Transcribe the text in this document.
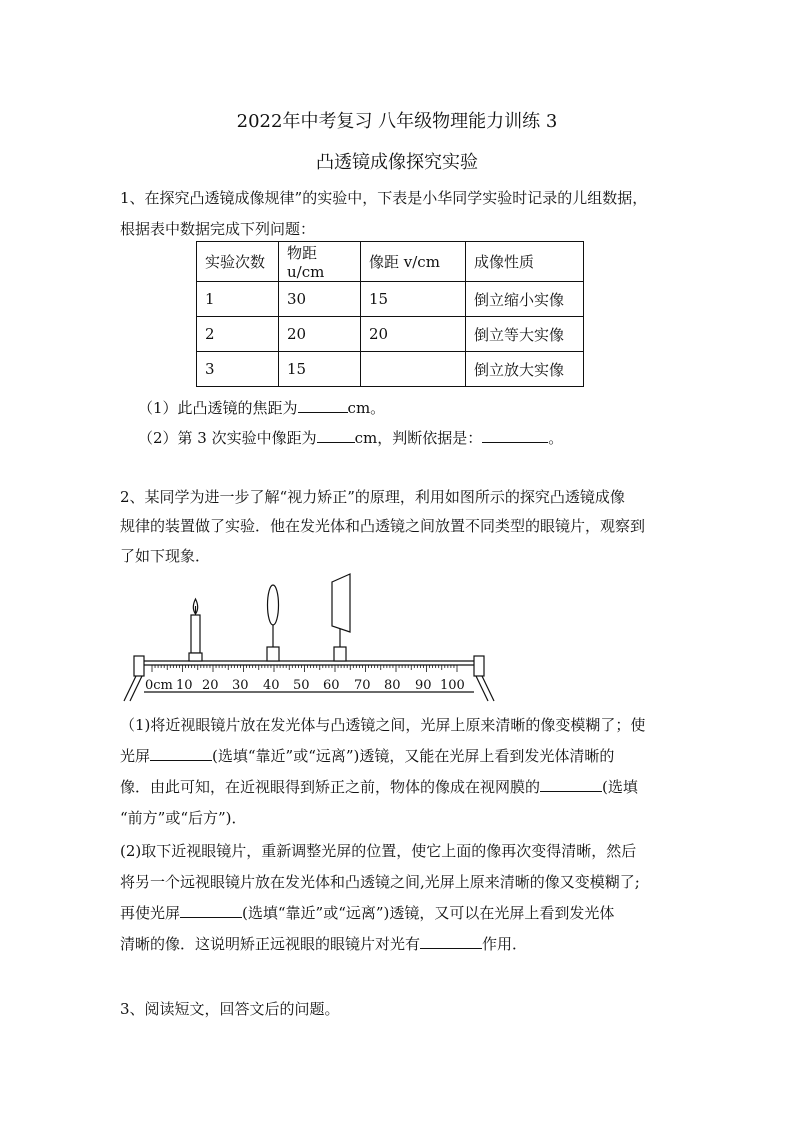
2022年中考复习 八年级物理能力训练 3
凸透镜成像探究实验
1、在探究凸透镜成像规律”的实验中，下表是小华同学实验时记录的儿组数据，
根据表中数据完成下列问题：
实验次数	物距 u/cm	像距 v/cm	成像性质
1	30	15	倒立缩小实像
2	20	20	倒立等大实像
3	15		倒立放大实像
（1）此凸透镜的焦距为	cm。
（2）第 3 次实验中像距为	cm，判断依据是：	。
2、某同学为进一步了解“视力矫正”的原理，利用如图所示的探究凸透镜成像
规律的装置做了实验．他在发光体和凸透镜之间放置不同类型的眼镜片，观察到
了如下现象．
0cm 10 20 30 40 50 60 70 80 90 100
（1)将近视眼镜片放在发光体与凸透镜之间，光屏上原来清晰的像变模糊了；使
光屏	(选填“靠近”或“远离”)透镜，又能在光屏上看到发光体清晰的
像．由此可知，在近视眼得到矫正之前，物体的像成在视网膜的	(选填
“前方”或“后方”)．
(2)取下近视眼镜片，重新调整光屏的位置，使它上面的像再次变得清晰，然后
将另一个远视眼镜片放在发光体和凸透镜之间,光屏上原来清晰的像又变模糊了;
再使光屏	(选填“靠近”或“远离”)透镜，又可以在光屏上看到发光体
清晰的像．这说明矫正远视眼的眼镜片对光有	作用．
3、阅读短文，回答文后的问题。
